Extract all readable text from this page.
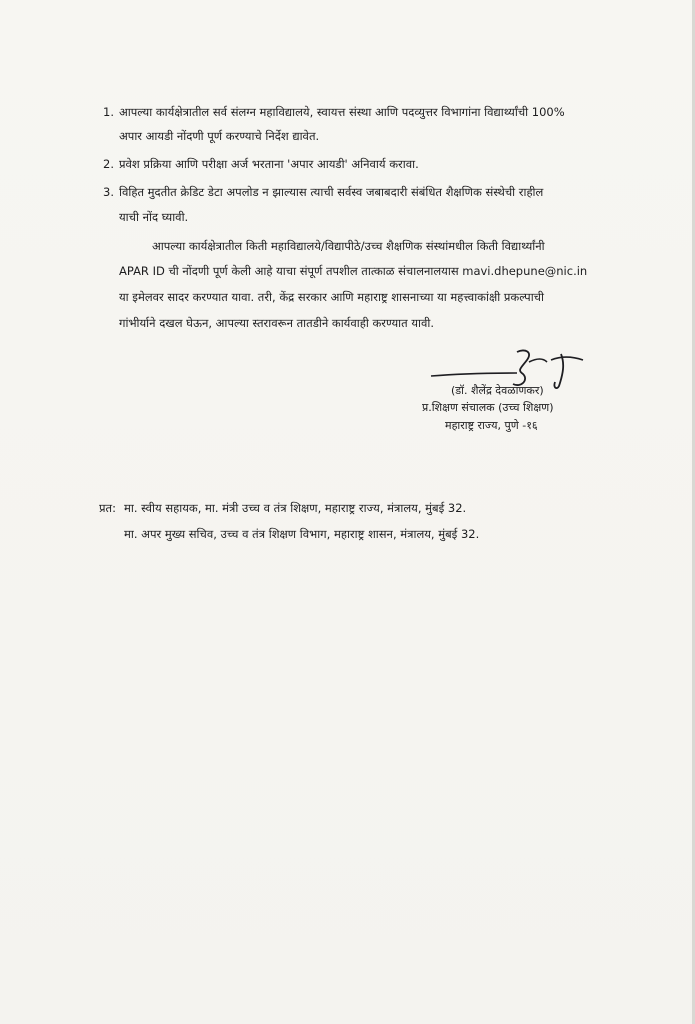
1. आपल्या कार्यक्षेत्रातील सर्व संलग्न महाविद्यालये, स्वायत्त संस्था आणि पदव्युत्तर विभागांना विद्यार्थ्यांची 100%
अपार आयडी नोंदणी पूर्ण करण्याचे निर्देश द्यावेत.
2. प्रवेश प्रक्रिया आणि परीक्षा अर्ज भरताना 'अपार आयडी' अनिवार्य करावा.
3. विहित मुदतीत क्रेडिट डेटा अपलोड न झाल्यास त्याची सर्वस्व जबाबदारी संबंधित शैक्षणिक संस्थेची राहील
याची नोंद घ्यावी.
आपल्या कार्यक्षेत्रातील किती महाविद्यालये/विद्यापीठे/उच्च शैक्षणिक संस्थांमधील किती विद्यार्थ्यांनी
APAR ID ची नोंदणी पूर्ण केली आहे याचा संपूर्ण तपशील तात्काळ संचालनालयास mavi.dhepune@nic.in
या इमेलवर सादर करण्यात यावा. तरी, केंद्र सरकार आणि महाराष्ट्र शासनाच्या या महत्त्वाकांक्षी प्रकल्पाची
गांभीर्याने दखल घेऊन, आपल्या स्तरावरून तातडीने कार्यवाही करण्यात यावी.
(डॉ. शैलेंद्र देवळाणकर)
प्र.शिक्षण संचालक (उच्च शिक्षण)
महाराष्ट्र राज्य, पुणे -१६
प्रत: मा. स्वीय सहायक, मा. मंत्री उच्च व तंत्र शिक्षण, महाराष्ट्र राज्य, मंत्रालय, मुंबई 32.
मा. अपर मुख्य सचिव, उच्च व तंत्र शिक्षण विभाग, महाराष्ट्र शासन, मंत्रालय, मुंबई 32.
